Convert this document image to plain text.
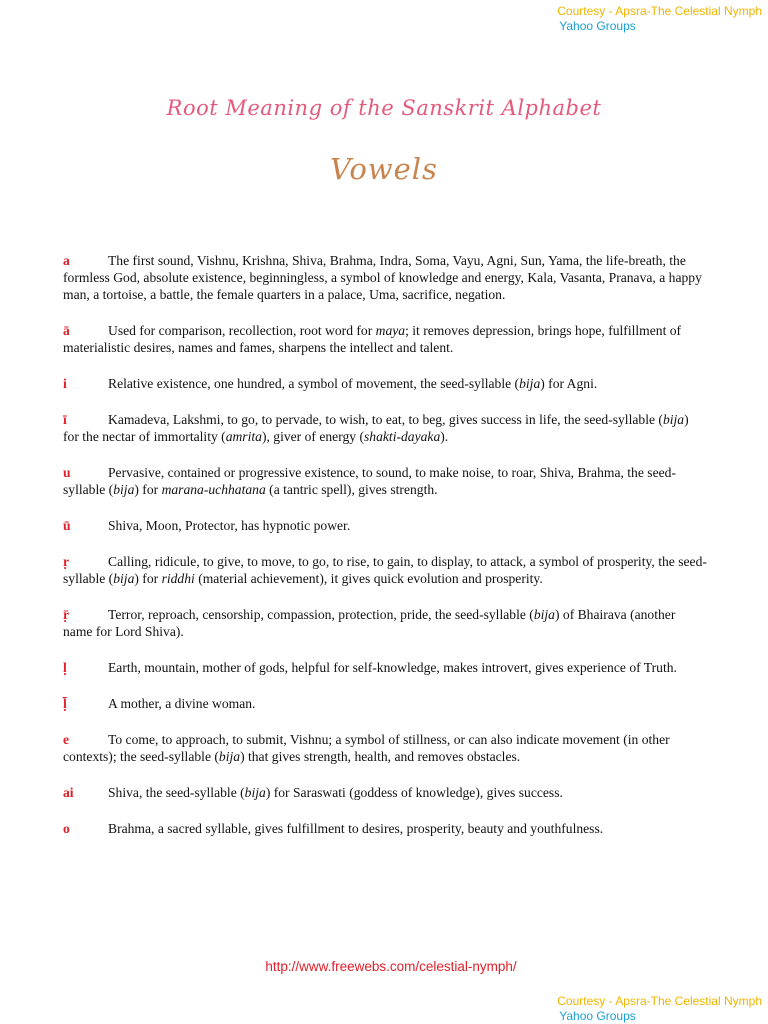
Courtesy - Apsra-The Celestial Nymph
Yahoo Groups
Root Meaning of the Sanskrit Alphabet
Vowels

a	The first sound, Vishnu, Krishna, Shiva, Brahma, Indra, Soma, Vayu, Agni, Sun, Yama, the life-breath, the formless God, absolute existence, beginningless, a symbol of knowledge and energy, Kala, Vasanta, Pranava, a happy man, a tortoise, a battle, the female quarters in a palace, Uma, sacrifice, negation.

ā	Used for comparison, recollection, root word for maya; it removes depression, brings hope, fulfillment of materialistic desires, names and fames, sharpens the intellect and talent.

i	Relative existence, one hundred, a symbol of movement, the seed-syllable (bija) for Agni.

ī	Kamadeva, Lakshmi, to go, to pervade, to wish, to eat, to beg, gives success in life, the seed-syllable (bija) for the nectar of immortality (amrita), giver of energy (shakti-dayaka).

u	Pervasive, contained or progressive existence, to sound, to make noise, to roar, Shiva, Brahma, the seed-syllable (bija) for marana-uchhatana (a tantric spell), gives strength.

ū	Shiva, Moon, Protector, has hypnotic power.

ṛ	Calling, ridicule, to give, to move, to go, to rise, to gain, to display, to attack, a symbol of prosperity, the seed-syllable (bija) for riddhi (material achievement), it gives quick evolution and prosperity.

ṝ	Terror, reproach, censorship, compassion, protection, pride, the seed-syllable (bija) of Bhairava (another name for Lord Shiva).

ḷ	Earth, mountain, mother of gods, helpful for self-knowledge, makes introvert, gives experience of Truth.

ḹ	A mother, a divine woman.

e	To come, to approach, to submit, Vishnu; a symbol of stillness, or can also indicate movement (in other contexts); the seed-syllable (bija) that gives strength, health, and removes obstacles.

ai	Shiva, the seed-syllable (bija) for Saraswati (goddess of knowledge), gives success.

o	Brahma, a sacred syllable, gives fulfillment to desires, prosperity, beauty and youthfulness.

http://www.freewebs.com/celestial-nymph/
Courtesy - Apsra-The Celestial Nymph
Yahoo Groups
